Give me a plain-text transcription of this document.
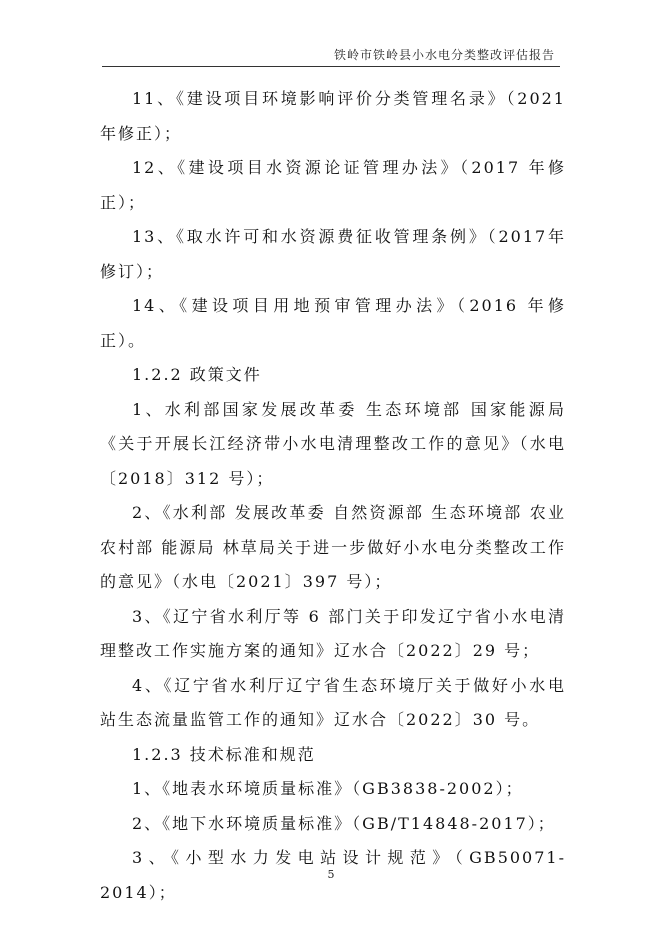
铁岭市铁岭县小水电分类整改评估报告

11、《建设项目环境影响评价分类管理名录》（2021年修正）；

12、《建设项目水资源论证管理办法》（2017 年修正）；

13、《取水许可和水资源费征收管理条例》（2017年修订）；

14、《建设项目用地预审管理办法》（2016 年修正）。

1.2.2 政策文件

1、水利部国家发展改革委 生态环境部 国家能源局《关于开展长江经济带小水电清理整改工作的意见》（水电〔2018〕312 号）；

2、《水利部 发展改革委 自然资源部 生态环境部 农业农村部 能源局 林草局关于进一步做好小水电分类整改工作的意见》（水电〔2021〕397 号）；

3、《辽宁省水利厅等 6 部门关于印发辽宁省小水电清理整改工作实施方案的通知》辽水合〔2022〕29 号；

4、《辽宁省水利厅辽宁省生态环境厅关于做好小水电站生态流量监管工作的通知》辽水合〔2022〕30 号。

1.2.3 技术标准和规范

1、《地表水环境质量标准》（GB3838-2002）；

2、《地下水环境质量标准》（GB/T14848-2017）；

3、《小型水力发电站设计规范》（GB50071-2014）；

5
